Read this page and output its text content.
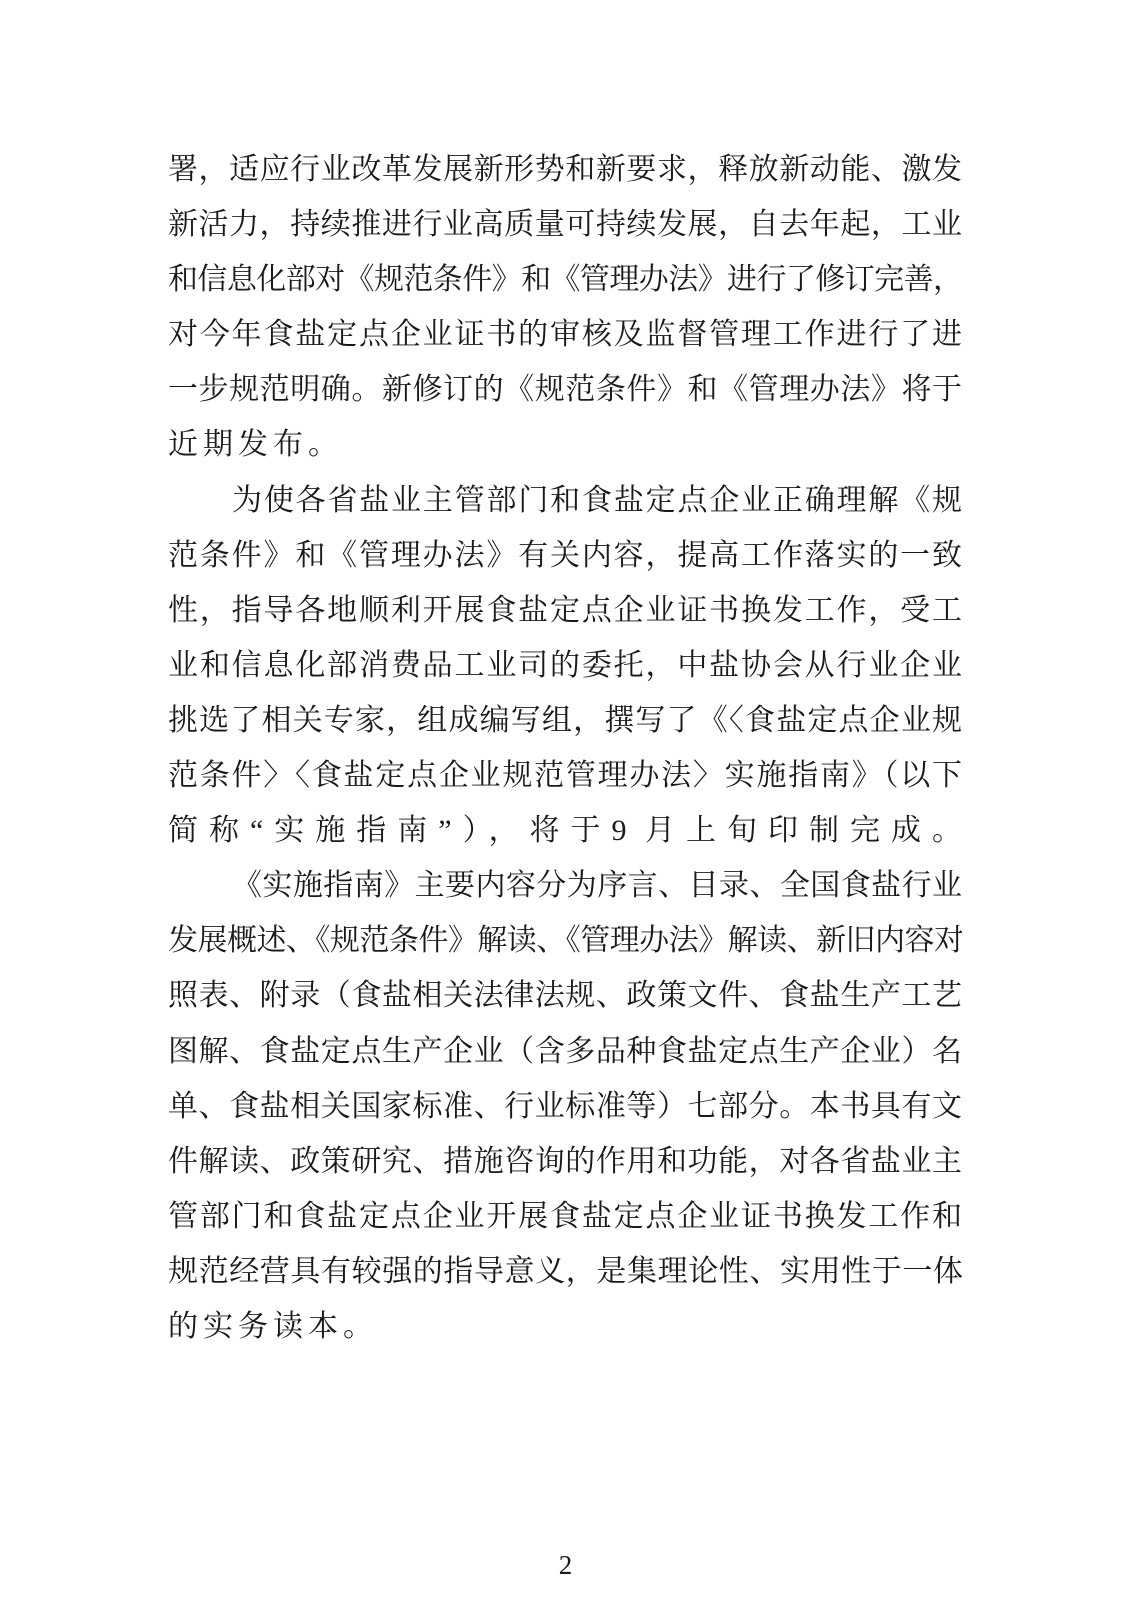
署，适应行业改革发展新形势和新要求，释放新动能、激发
新活力，持续推进行业高质量可持续发展，自去年起，工业
和信息化部对《规范条件》和《管理办法》进行了修订完善，
对今年食盐定点企业证书的审核及监督管理工作进行了进
一步规范明确。新修订的《规范条件》和《管理办法》将于
近期发布。
为使各省盐业主管部门和食盐定点企业正确理解《规
范条件》和《管理办法》有关内容，提高工作落实的一致
性，指导各地顺利开展食盐定点企业证书换发工作，受工
业和信息化部消费品工业司的委托，中盐协会从行业企业
挑选了相关专家，组成编写组，撰写了《〈食盐定点企业规
范条件〉〈食盐定点企业规范管理办法〉实施指南》（以下
简称“实施指南”），将于9 月上旬印制完成。
《实施指南》主要内容分为序言、目录、全国食盐行业
发展概述、《规范条件》解读、《管理办法》解读、新旧内容对
照表、附录（食盐相关法律法规、政策文件、食盐生产工艺
图解、食盐定点生产企业（含多品种食盐定点生产企业）名
单、食盐相关国家标准、行业标准等）七部分。本书具有文
件解读、政策研究、措施咨询的作用和功能，对各省盐业主
管部门和食盐定点企业开展食盐定点企业证书换发工作和
规范经营具有较强的指导意义，是集理论性、实用性于一体
的实务读本。
2
